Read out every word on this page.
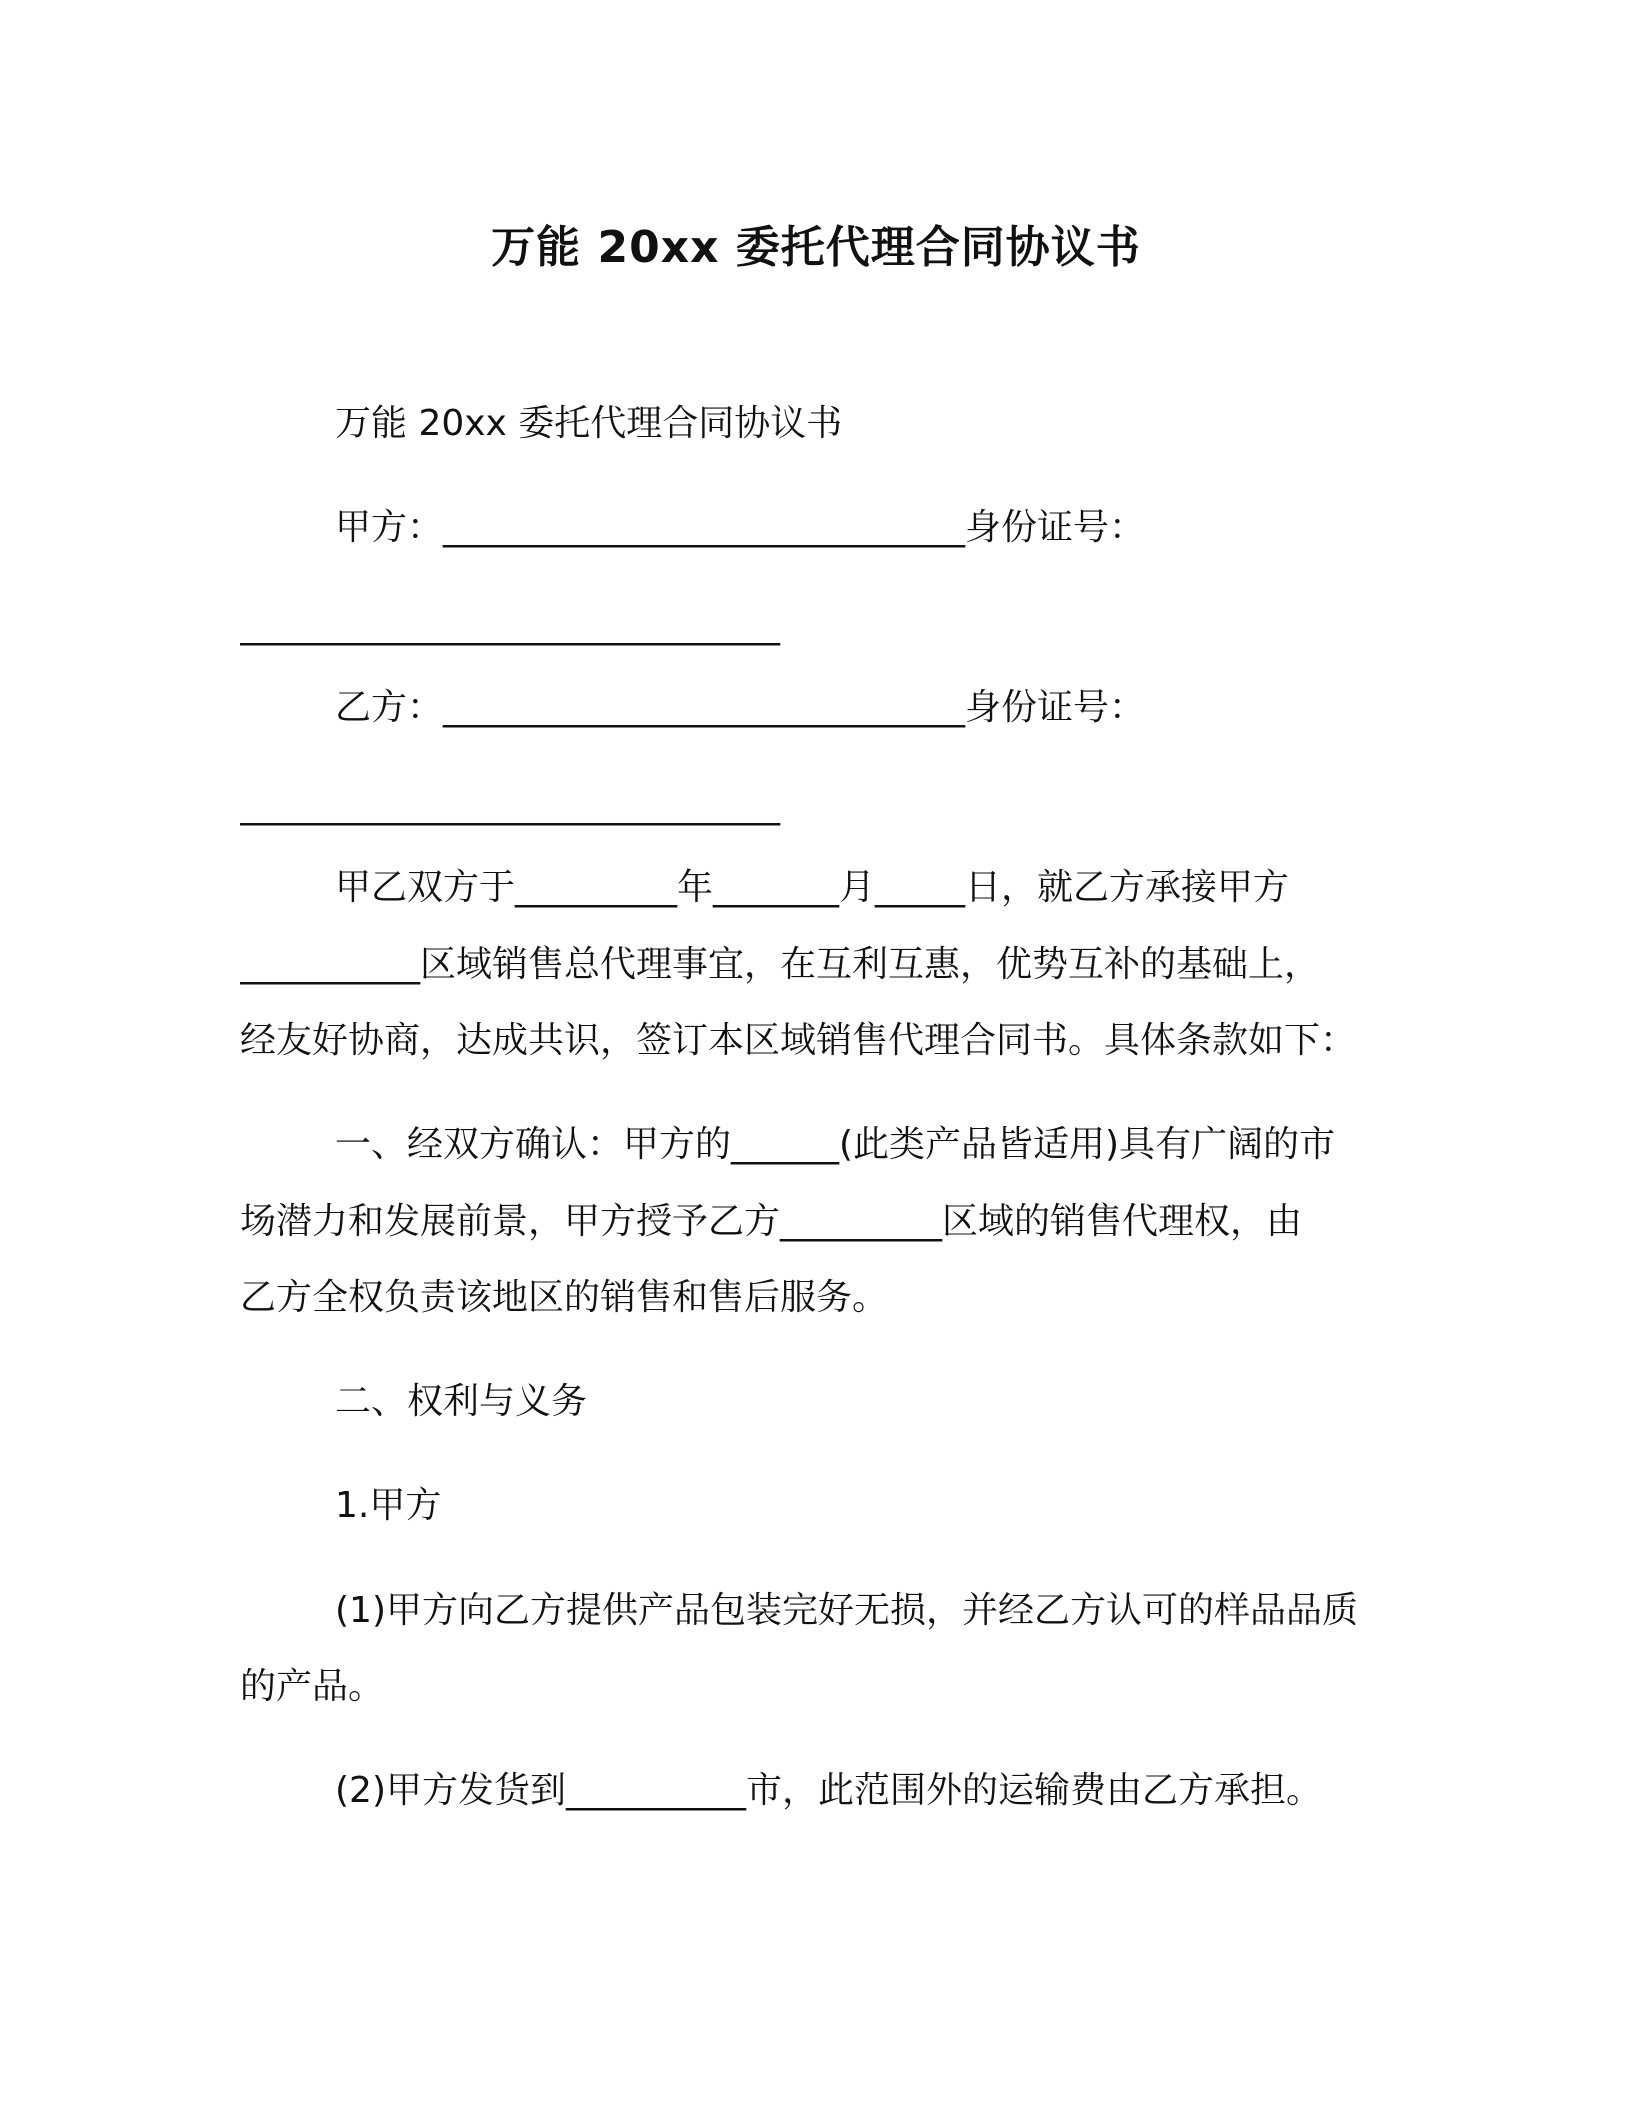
万能 20xx 委托代理合同协议书
万能 20xx 委托代理合同协议书
甲方：_____________________________身份证号：
______________________________
乙方：_____________________________身份证号：
______________________________
甲乙双方于_________年_______月_____日，就乙方承接甲方
__________区域销售总代理事宜，在互利互惠，优势互补的基础上，
经友好协商，达成共识，签订本区域销售代理合同书。具体条款如下：
一、经双方确认：甲方的______(此类产品皆适用)具有广阔的市
场潜力和发展前景，甲方授予乙方_________区域的销售代理权，由
乙方全权负责该地区的销售和售后服务。
二、权利与义务
1.甲方
(1)甲方向乙方提供产品包装完好无损，并经乙方认可的样品品质
的产品。
(2)甲方发货到__________市，此范围外的运输费由乙方承担。
